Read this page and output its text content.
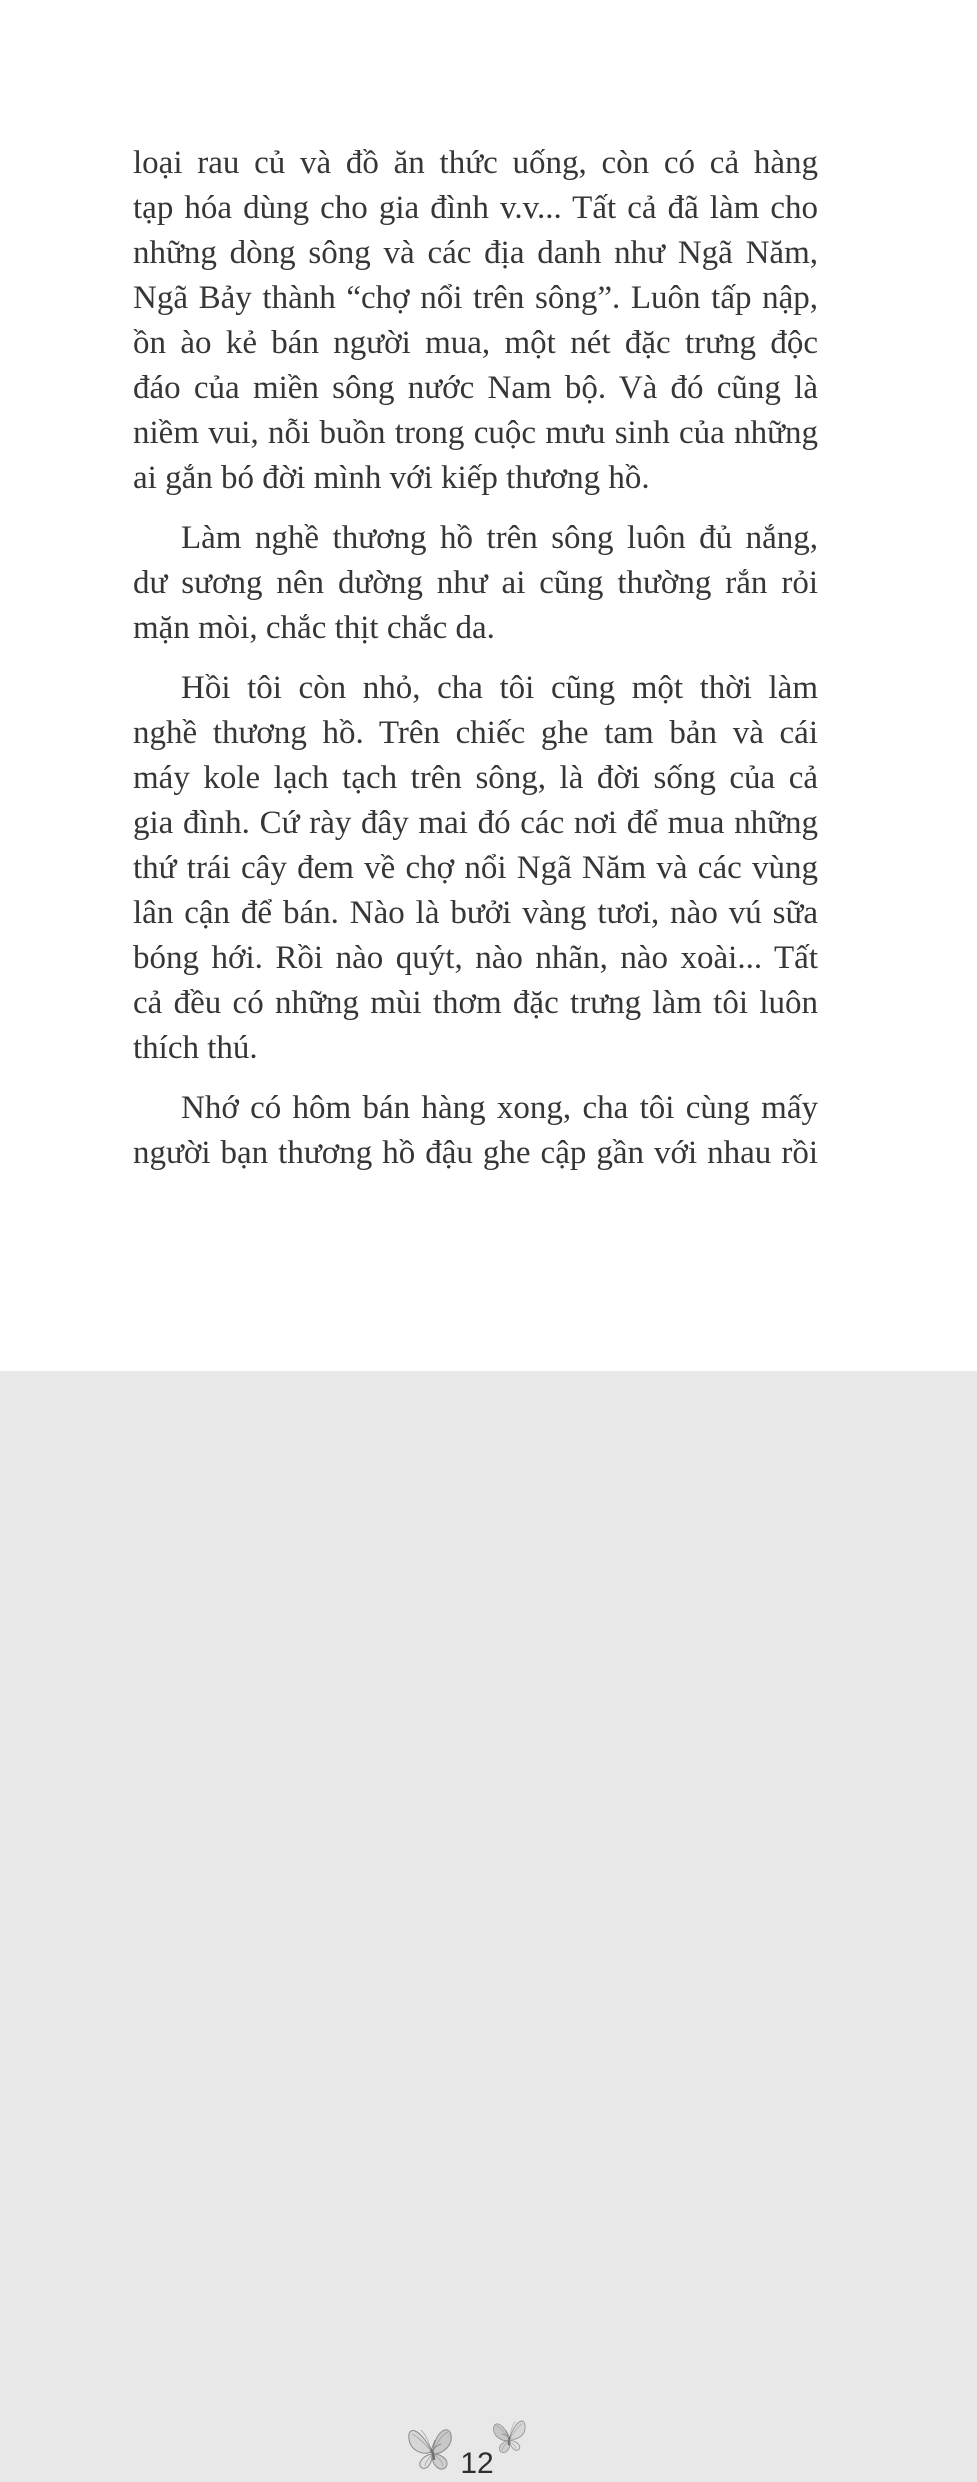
loại rau củ và đồ ăn thức uống, còn có cả hàng
tạp hóa dùng cho gia đình v.v... Tất cả đã làm cho
những dòng sông và các địa danh như Ngã Năm,
Ngã Bảy thành “chợ nổi trên sông”. Luôn tấp nập,
ồn ào kẻ bán người mua, một nét đặc trưng độc
đáo của miền sông nước Nam bộ. Và đó cũng là
niềm vui, nỗi buồn trong cuộc mưu sinh của những
ai gắn bó đời mình với kiếp thương hồ.
Làm nghề thương hồ trên sông luôn đủ nắng,
dư sương nên dường như ai cũng thường rắn rỏi
mặn mòi, chắc thịt chắc da.
Hồi tôi còn nhỏ, cha tôi cũng một thời làm
nghề thương hồ. Trên chiếc ghe tam bản và cái
máy kole lạch tạch trên sông, là đời sống của cả
gia đình. Cứ rày đây mai đó các nơi để mua những
thứ trái cây đem về chợ nổi Ngã Năm và các vùng
lân cận để bán. Nào là bưởi vàng tươi, nào vú sữa
bóng hới. Rồi nào quýt, nào nhãn, nào xoài... Tất
cả đều có những mùi thơm đặc trưng làm tôi luôn
thích thú.
Nhớ có hôm bán hàng xong, cha tôi cùng mấy
người bạn thương hồ đậu ghe cập gần với nhau rồi
12
